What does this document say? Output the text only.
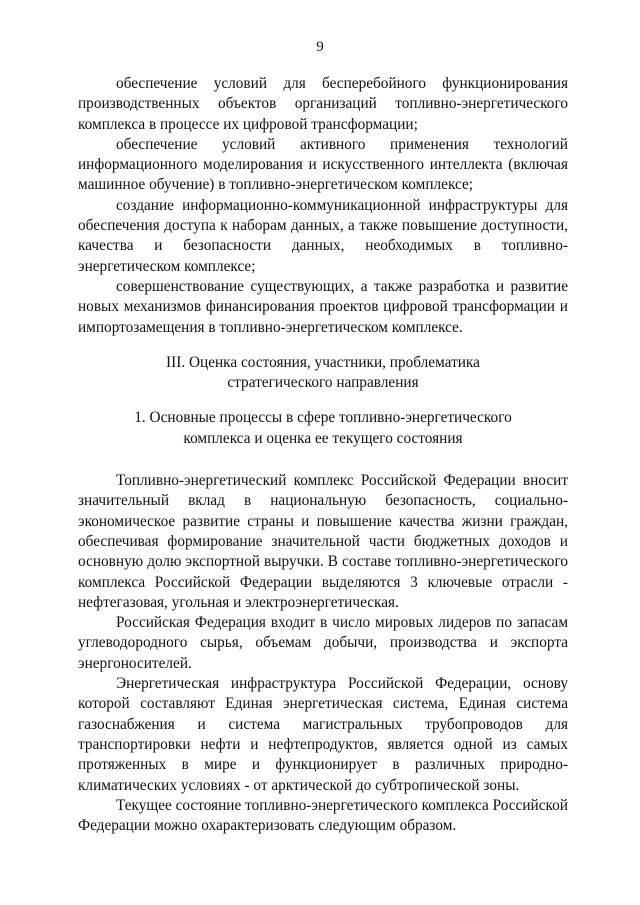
9

обеспечение условий для бесперебойного функционирования производственных объектов организаций топливно-энергетического комплекса в процессе их цифровой трансформации;

обеспечение условий активного применения технологий информационного моделирования и искусственного интеллекта (включая машинное обучение) в топливно-энергетическом комплексе;

создание информационно-коммуникационной инфраструктуры для обеспечения доступа к наборам данных, а также повышение доступности, качества и безопасности данных, необходимых в топливно-энергетическом комплексе;

совершенствование существующих, а также разработка и развитие новых механизмов финансирования проектов цифровой трансформации и импортозамещения в топливно-энергетическом комплексе.

III. Оценка состояния, участники, проблематика
стратегического направления
1. Основные процессы в сфере топливно-энергетического
комплекса и оценка ее текущего состояния

Топливно-энергетический комплекс Российской Федерации вносит значительный вклад в национальную безопасность, социально-экономическое развитие страны и повышение качества жизни граждан, обеспечивая формирование значительной части бюджетных доходов и основную долю экспортной выручки. В составе топливно-энергетического комплекса Российской Федерации выделяются 3 ключевые отрасли - нефтегазовая, угольная и электроэнергетическая.

Российская Федерация входит в число мировых лидеров по запасам углеводородного сырья, объемам добычи, производства и экспорта энергоносителей.

Энергетическая инфраструктура Российской Федерации, основу которой составляют Единая энергетическая система, Единая система газоснабжения и система магистральных трубопроводов для транспортировки нефти и нефтепродуктов, является одной из самых протяженных в мире и функционирует в различных природно-климатических условиях - от арктической до субтропической зоны.

Текущее состояние топливно-энергетического комплекса Российской Федерации можно охарактеризовать следующим образом.
